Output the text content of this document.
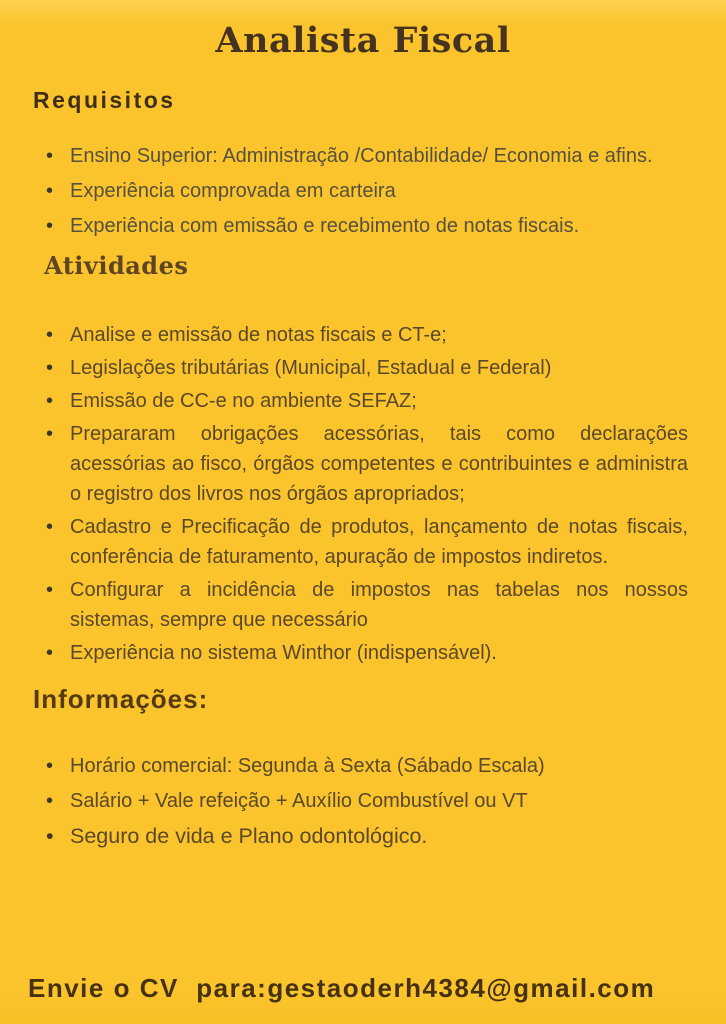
Analista Fiscal
Requisitos
• Ensino Superior: Administração /Contabilidade/ Economia e afins.
• Experiência comprovada em carteira
• Experiência com emissão e recebimento de notas fiscais.
Atividades
• Analise e emissão de notas fiscais e CT-e;
• Legislações tributárias (Municipal, Estadual e Federal)
• Emissão de CC-e no ambiente SEFAZ;
• Prepararam obrigações acessórias, tais como declarações acessórias ao fisco, órgãos competentes e contribuintes e administra o registro dos livros nos órgãos apropriados;
• Cadastro e Precificação de produtos, lançamento de notas fiscais, conferência de faturamento, apuração de impostos indiretos.
• Configurar a incidência de impostos nas tabelas nos nossos sistemas, sempre que necessário
• Experiência no sistema Winthor (indispensável).
Informações:
• Horário comercial: Segunda à Sexta (Sábado Escala)
• Salário + Vale refeição + Auxílio Combustível ou VT
• Seguro de vida e Plano odontológico.
Envie o CV  para:gestaoderh4384@gmail.com
